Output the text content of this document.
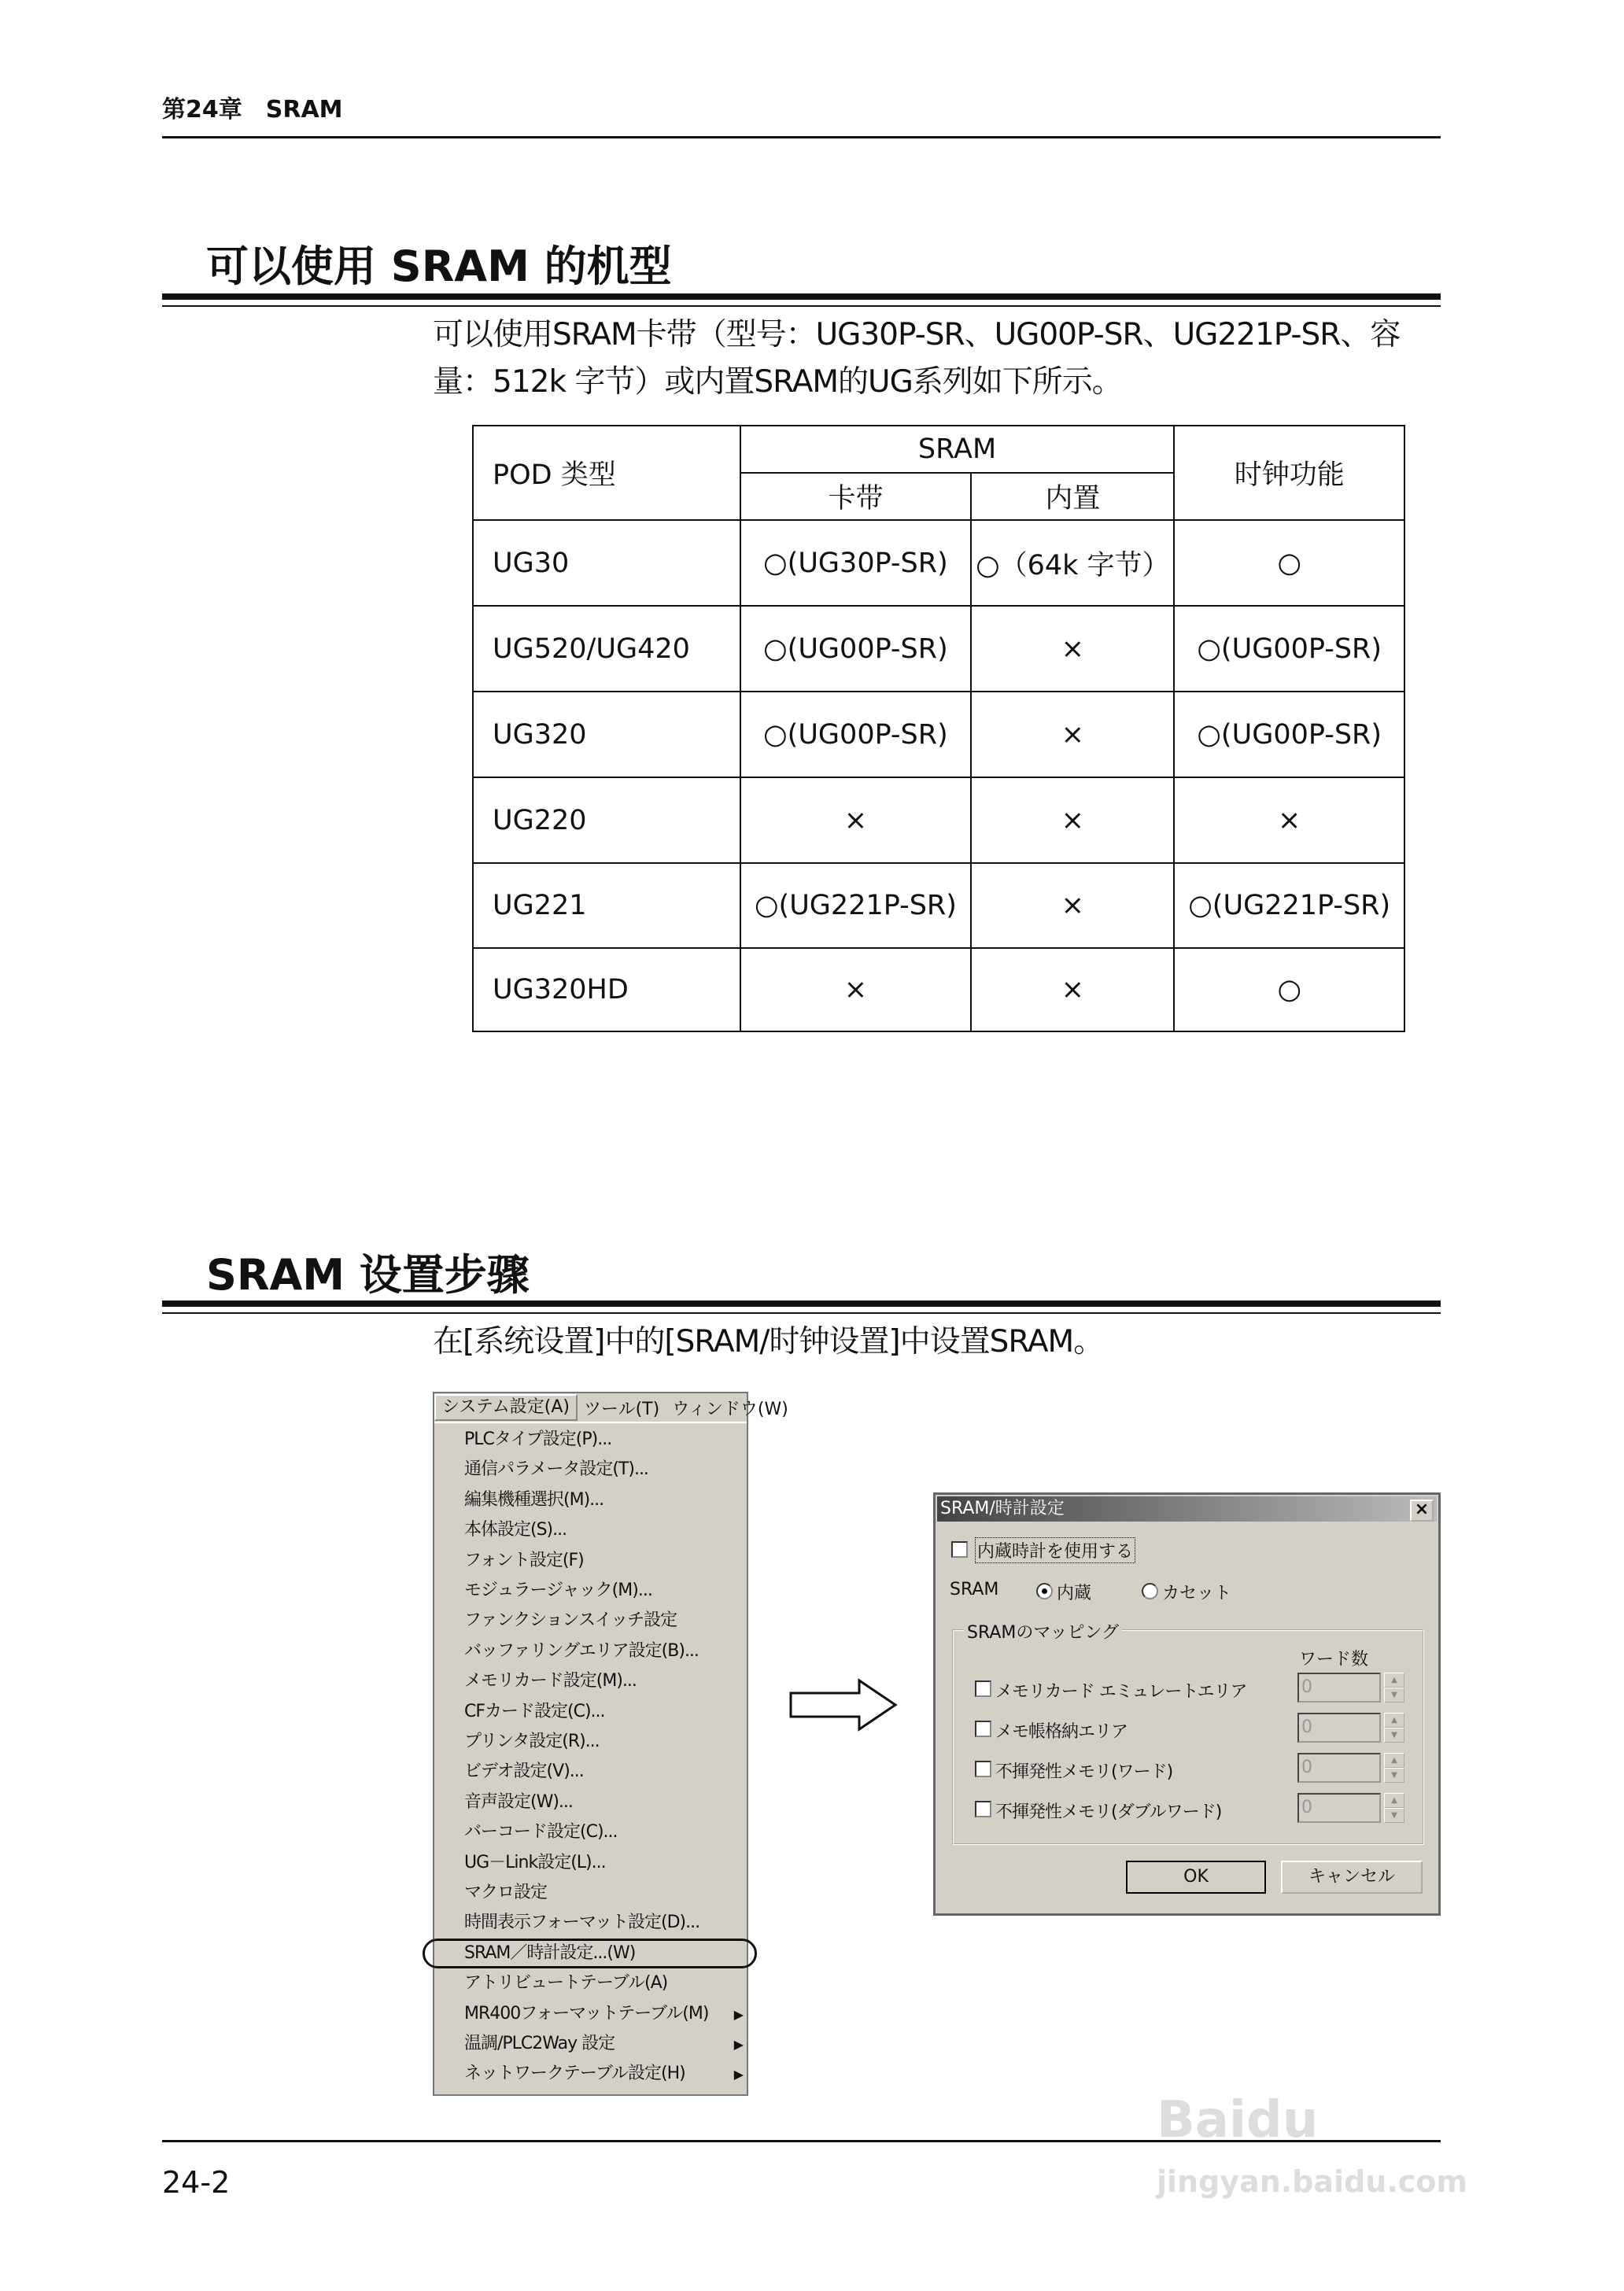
第24章 SRAM
可以使用 SRAM 的机型
可以使用SRAM卡带（型号：UG30P-SR、UG00P-SR、UG221P-SR、容
量：512k 字节）或内置SRAM的UG系列如下所示。
POD 类型	SRAM		时钟功能
	卡带	内置	
UG30	○(UG30P-SR)	○（64k 字节）	○
UG520/UG420	○(UG00P-SR)	×	○(UG00P-SR)
UG320	○(UG00P-SR)	×	○(UG00P-SR)
UG220	×	×	×
UG221	○(UG221P-SR)	×	○(UG221P-SR)
UG320HD	×	×	○
SRAM 设置步骤
在[系统设置]中的[SRAM/时钟设置]中设置SRAM。
システム設定(A) ツール(T) ウィンドウ(W)
PLCタイプ設定(P)...
通信パラメータ設定(T)...
編集機種選択(M)...
本体設定(S)...
フォント設定(F)
モジュラージャック(M)...
ファンクションスイッチ設定
バッファリングエリア設定(B)...
メモリカード設定(M)...
CFカード設定(C)...
プリンタ設定(R)...
ビデオ設定(V)...
音声設定(W)...
バーコード設定(C)...
UG－Link設定(L)...
マクロ設定
時間表示フォーマット設定(D)...
SRAM／時計設定...(W)
アトリビュートテーブル(A)
MR400フォーマットテーブル(M) ▶
温調/PLC2Way 設定	▶
ネットワークテーブル設定(H)	▶
SRAM/時計設定	×
内蔵時計を使用する
SRAM	内蔵	カセット
SRAMのマッピング
ワード数
メモリカード エミュレートエリア	0	▲
▼
メモ帳格納エリア	0	▲
▼
不揮発性メモリ(ワード)	0	▲
▼
不揮発性メモリ(ダブルワード)	0	▲
▼
OK	キャンセル
24-2
Baidu
jingyan.baidu.com
